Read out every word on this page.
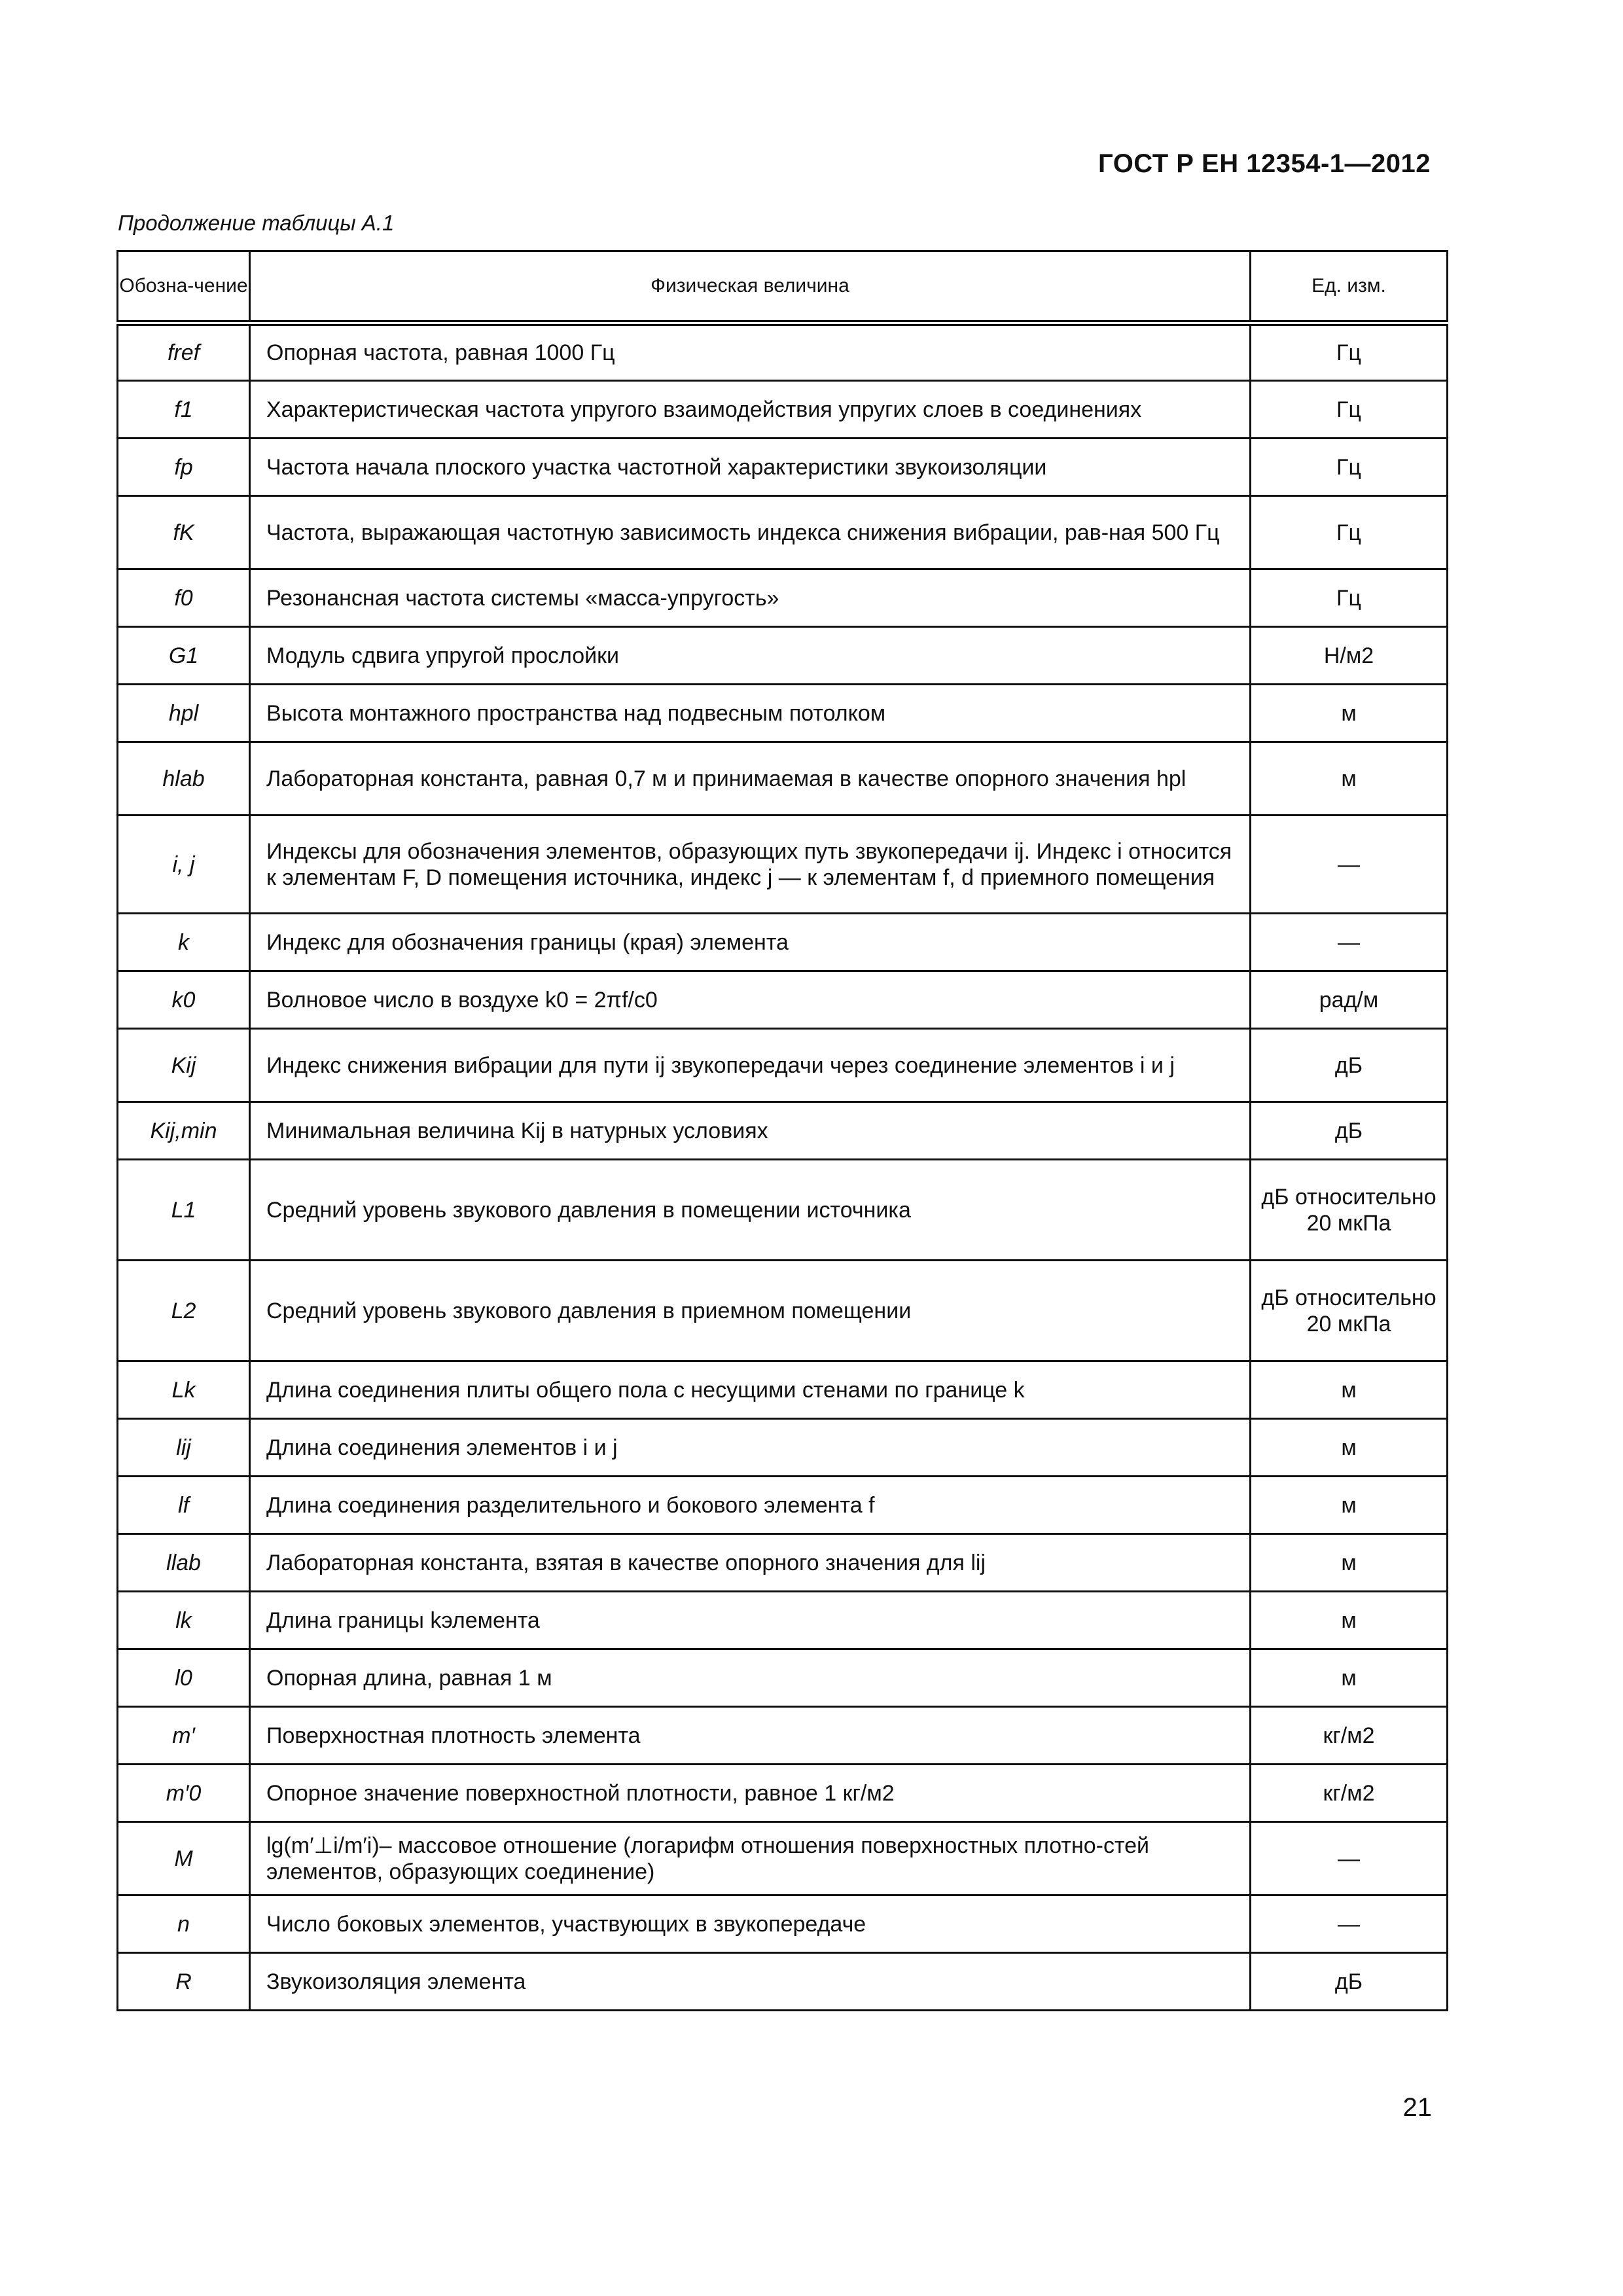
ГОСТ Р ЕН 12354-1—2012
Продолжение таблицы А.1
Обозна-чение	Физическая величина	Ед. изм.
fref	Опорная частота, равная 1000 Гц	Гц
f1	Характеристическая частота упругого взаимодействия упругих слоев в соединениях	Гц
fp	Частота начала плоского участка частотной характеристики звукоизоляции	Гц
fK	Частота, выражающая частотную зависимость индекса снижения вибрации, рав-ная 500 Гц	Гц
f0	Резонансная частота системы «масса-упругость»	Гц
G1	Модуль сдвига упругой прослойки	Н/м2
hpl	Высота монтажного пространства над подвесным потолком	м
hlab	Лабораторная константа, равная 0,7 м и принимаемая в качестве опорного значения hpl	м
i, j	Индексы для обозначения элементов, образующих путь звукопередачи ij. Индекс i относится к элементам F, D помещения источника, индекс j — к элементам f, d приемного помещения	—
k	Индекс для обозначения границы (края) элемента	—
k0	Волновое число в воздухе k0 = 2πf/c0	рад/м
Kij	Индекс снижения вибрации для пути ij звукопередачи через соединение элементов i и j	дБ
Kij,min	Минимальная величина Kij в натурных условиях	дБ
L1	Средний уровень звукового давления в помещении источника	дБ относительно 20 мкПа
L2	Средний уровень звукового давления в приемном помещении	дБ относительно 20 мкПа
Lk	Длина соединения плиты общего пола с несущими стенами по границе k	м
lij	Длина соединения элементов i и j	м
lf	Длина соединения разделительного и бокового элемента f	м
llab	Лабораторная константа, взятая в качестве опорного значения для lij	м
lk	Длина границы kэлемента	м
l0	Опорная длина, равная 1 м	м
m′	Поверхностная плотность элемента	кг/м2
m′0	Опорное значение поверхностной плотности, равное 1 кг/м2	кг/м2
M	lg(m′⊥i/m′i)– массовое отношение (логарифм отношения поверхностных плотно-стей элементов, образующих соединение)	—
n	Число боковых элементов, участвующих в звукопередаче	—
R	Звукоизоляция элемента	дБ
21
